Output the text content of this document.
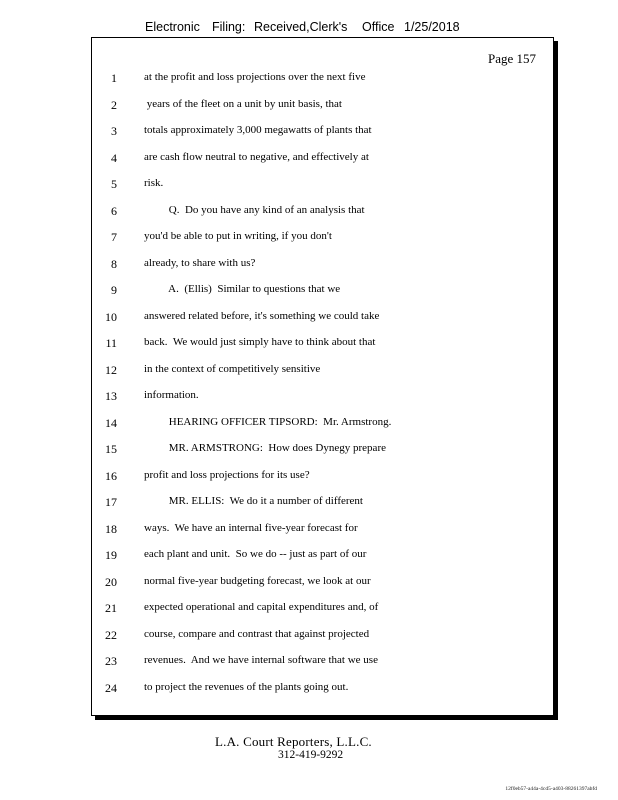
Electronic Filing: Received,Clerk's Office 1/25/2018
Page 157
1 at the profit and loss projections over the next five
2 years of the fleet on a unit by unit basis, that
3 totals approximately 3,000 megawatts of plants that
4 are cash flow neutral to negative, and effectively at
5 risk.
6 Q.  Do you have any kind of an analysis that
7 you'd be able to put in writing, if you don't
8 already, to share with us?
9 A.  (Ellis)  Similar to questions that we
10 answered related before, it's something we could take
11 back.  We would just simply have to think about that
12 in the context of competitively sensitive
13 information.
14 HEARING OFFICER TIPSORD:  Mr. Armstrong.
15 MR. ARMSTRONG:  How does Dynegy prepare
16 profit and loss projections for its use?
17 MR. ELLIS:  We do it a number of different
18 ways.  We have an internal five-year forecast for
19 each plant and unit.  So we do -- just as part of our
20 normal five-year budgeting forecast, we look at our
21 expected operational and capital expenditures and, of
22 course, compare and contrast that against projected
23 revenues.  And we have internal software that we use
24 to project the revenues of the plants going out.
L.A. Court Reporters, L.L.C.
312-419-9292
12f0eb57-a44a-4cd5-a403-88261397abfd
